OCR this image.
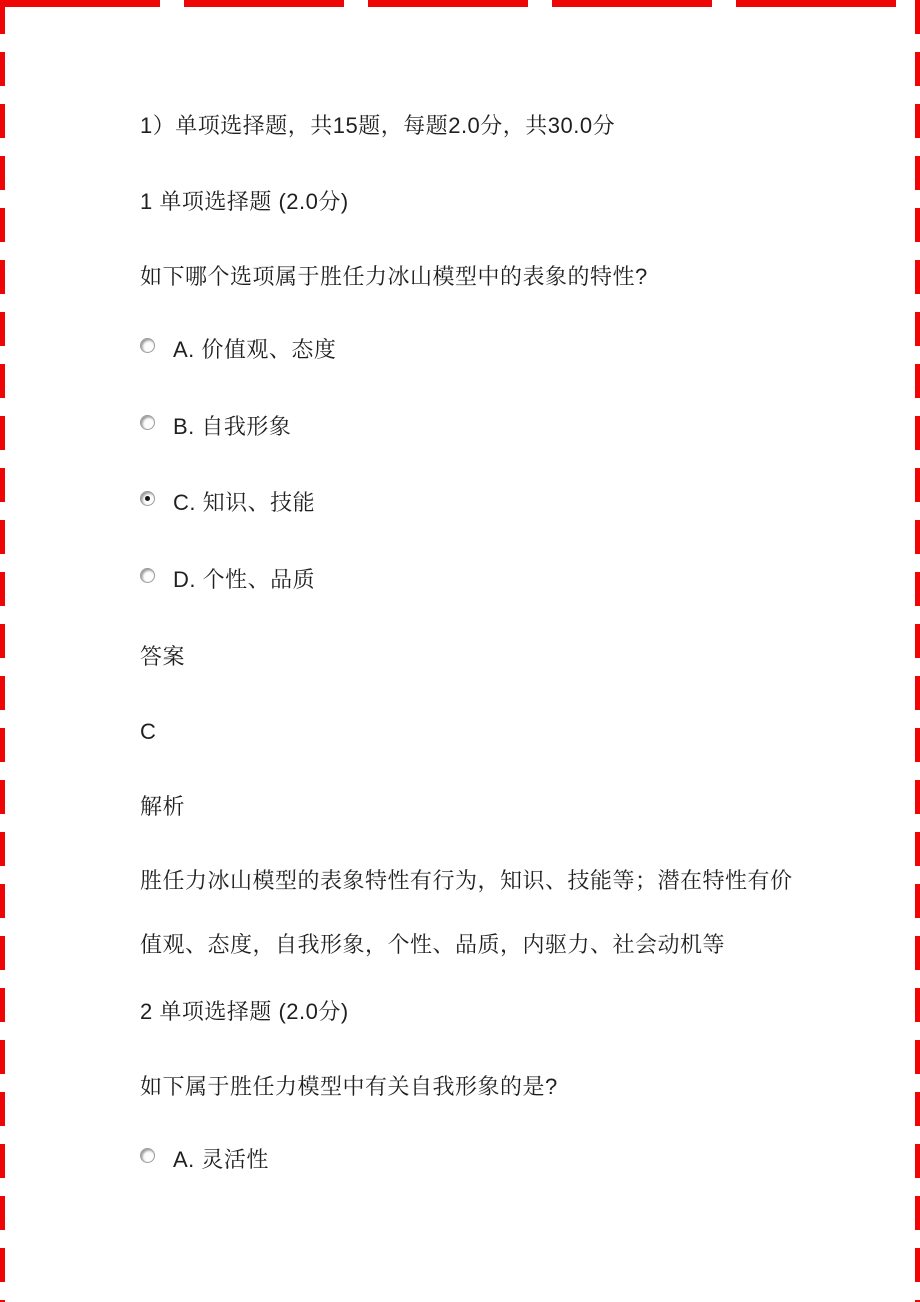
1）单项选择题，共15题，每题2.0分，共30.0分
1 单项选择题 (2.0分)
如下哪个选项属于胜任力冰山模型中的表象的特性?
A. 价值观、态度
B. 自我形象
C. 知识、技能
D. 个性、品质
答案
C
解析
胜任力冰山模型的表象特性有行为，知识、技能等；潜在特性有价
值观、态度，自我形象，个性、品质，内驱力、社会动机等
2 单项选择题 (2.0分)
如下属于胜任力模型中有关自我形象的是?
A. 灵活性
